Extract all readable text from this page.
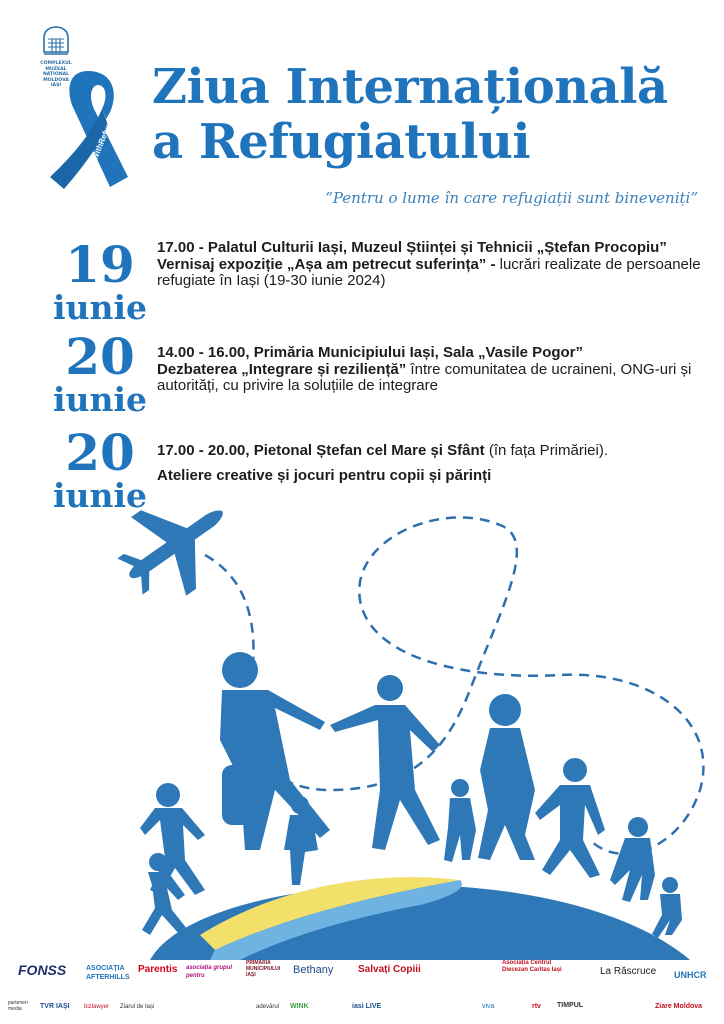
COMPLEXUL
MUZEAL
NAȚIONAL
MOLDOVA
IAȘI
#WithRefugees
Ziua Internațională
a Refugiatului
”Pentru o lume în care refugiații sunt bineveniți”
19
iunie

17.00 - Palatul Culturii Iași, Muzeul Științei și Tehnicii „Ștefan Procopiu”

Vernisaj expoziție „Așa am petrecut suferința” - lucrări realizate de persoanele refugiate în Iași (19-30 iunie 2024)

20
iunie

14.00 - 16.00, Primăria Municipiului Iași, Sala „Vasile Pogor”

Dezbaterea „Integrare și reziliență” între comunitatea de ucraineni, ONG-uri și autorități, cu privire la soluțiile de integrare

20
iunie

17.00 - 20.00, Pietonal Ștefan cel Mare și Sfânt (în fața Primăriei).

Ateliere creative și jocuri pentru copii și părinți

FONSS	ASOCIAȚIA AFTERHILLS
Parentis asociația grupul pentru
PRIMĂRIA MUNICIPIULUI IAȘI	Bethany Salvați Copiii
Asociația Centrul Diecezan Caritas Iași	La Răscruce UNHCR
parteneri media	TVR IAȘI bizlawyer Ziarul de Iași	adevărul WINK	iasi LIVE	viva	rtv TIMPUL	Ziare Moldova
